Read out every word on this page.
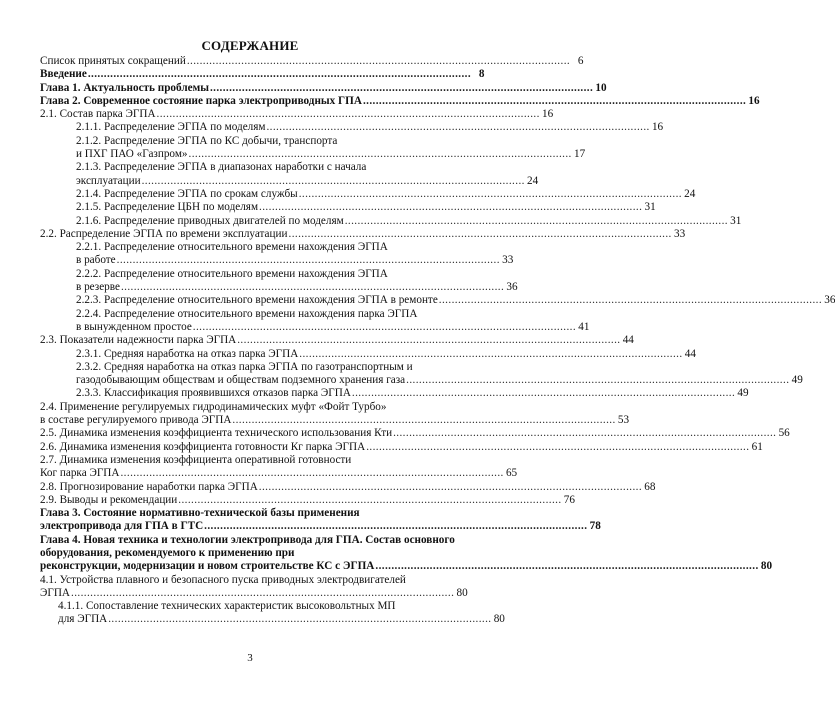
СОДЕРЖАНИЕ
Список принятых сокращений . . .	6
Введение . . .	8
Глава 1. Актуальность проблемы . . .	10
Глава 2. Современное состояние парка электроприводных ГПА . . .	16
2.1. Состав парка ЭГПА . . .	16
2.1.1. Распределение ЭГПА по моделям . . .	16
2.1.2. Распределение ЭГПА по КС добычи, транспорта
и ПХГ ПАО «Газпром» . . .	17
2.1.3. Распределение ЭГПА в диапазонах наработки с начала
эксплуатации . . .	24
2.1.4. Распределение ЭГПА по срокам службы . . .	24
2.1.5. Распределение ЦБН по моделям . . .	31
2.1.6. Распределение приводных двигателей по моделям . . .	31
2.2. Распределение ЭГПА по времени эксплуатации . . .	33
2.2.1. Распределение относительного времени нахождения ЭГПА
в работе . . .	33
2.2.2. Распределение относительного времени нахождения ЭГПА
в резерве . . .	36
2.2.3. Распределение относительного времени нахождения ЭГПА в ремонте . . .	36
2.2.4. Распределение относительного времени нахождения парка ЭГПА
в вынужденном простое . . .	41
2.3. Показатели надежности парка ЭГПА . . .	44
2.3.1. Средняя наработка на отказ парка ЭГПА . . .	44
2.3.2. Средняя наработка на отказ парка ЭГПА по газотранспортным и
газодобывающим обществам и обществам подземного хранения газа . . .	49
2.3.3. Классификация проявившихся отказов парка ЭГПА . . .	49
2.4. Применение регулируемых гидродинамических муфт «Фойт Турбо»
в составе регулируемого привода ЭГПА . . .	53
2.5. Динамика изменения коэффициента технического использования Кти . . .	56
2.6. Динамика изменения коэффициента готовности Кг парка ЭГПА . . .	61
2.7. Динамика изменения коэффициента оперативной готовности
Ког парка ЭГПА . . .	65
2.8. Прогнозирование наработки парка ЭГПА . . .	68
2.9. Выводы и рекомендации . . .	76
Глава 3. Состояние нормативно-технической базы применения
электропривода для ГПА в ГТС . . .	78
Глава 4. Новая техника и технологии электропривода для ГПА. Состав основного оборудования, рекомендуемого к применению при
реконструкции, модернизации и новом строительстве КС с ЭГПА . . .	80
4.1. Устройства плавного и безопасного пуска приводных электродвигателей
ЭГПА . . .	80
4.1.1. Сопоставление технических характеристик высоковольтных МП
для ЭГПА . . .	80
3
